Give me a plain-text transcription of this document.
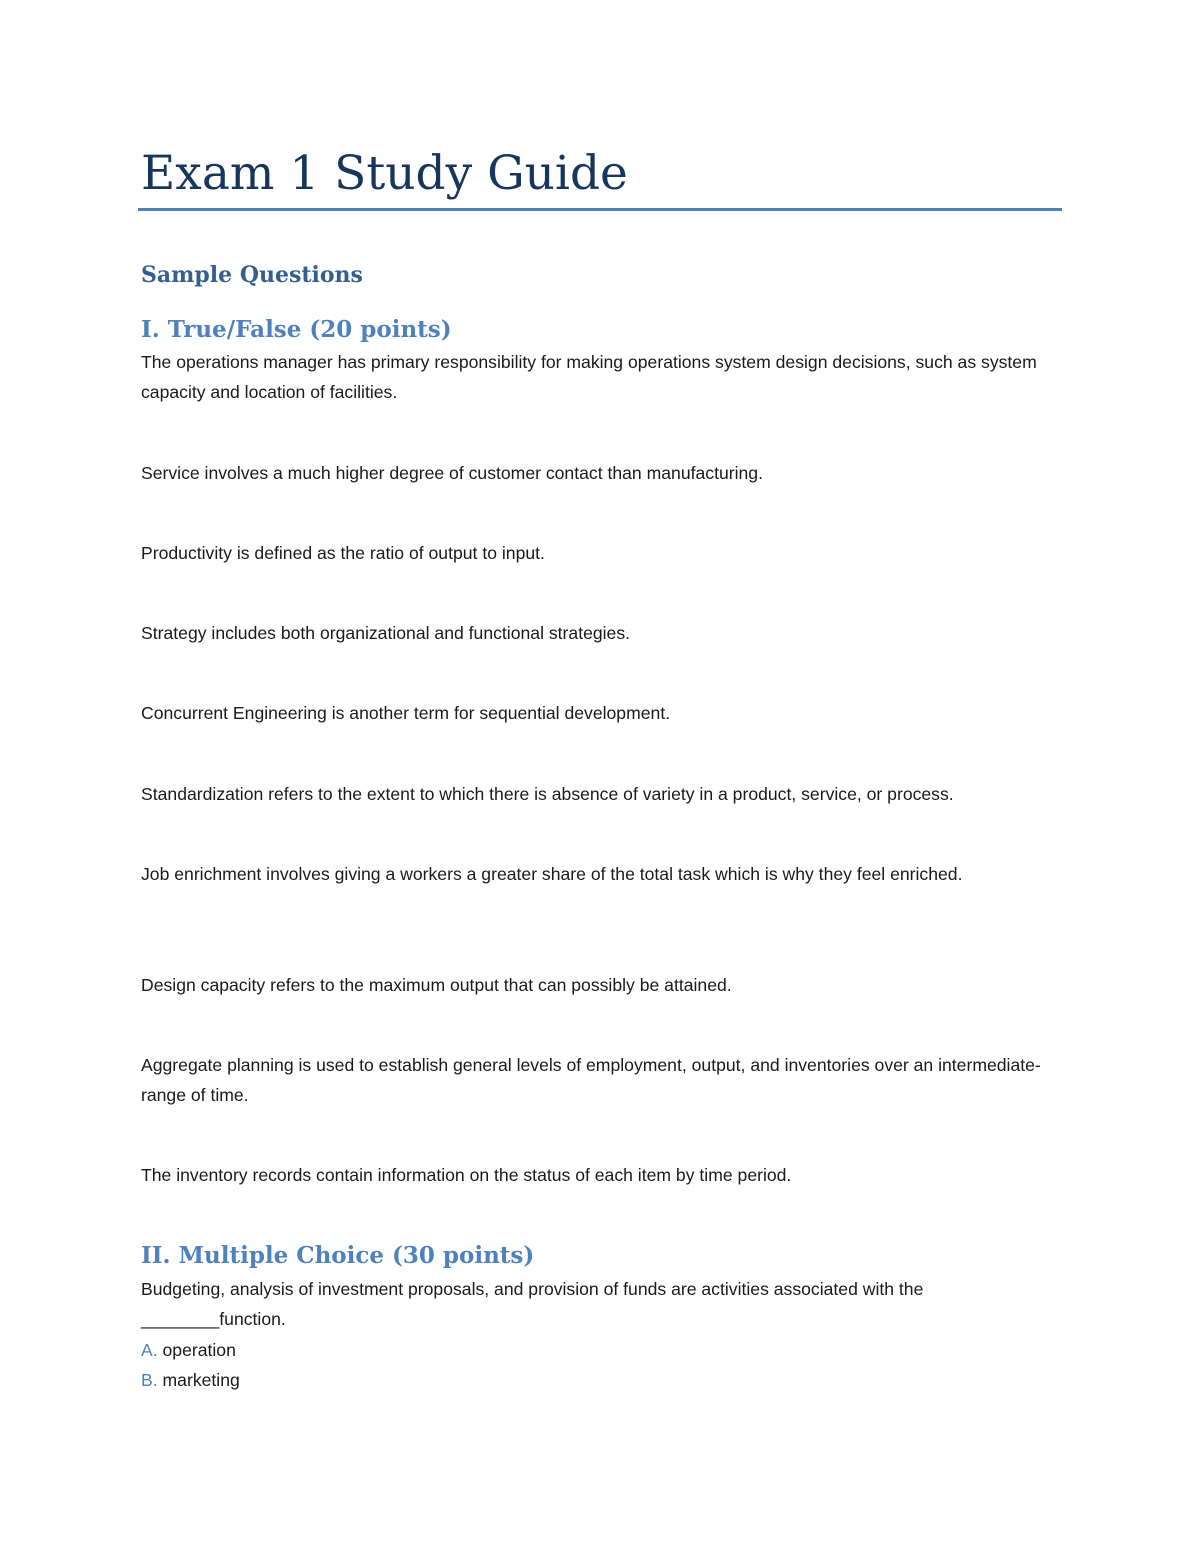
Exam 1 Study Guide
Sample Questions
I. True/False (20 points)

The operations manager has primary responsibility for making operations system design decisions, such as system capacity and location of facilities.

Service involves a much higher degree of customer contact than manufacturing.

Productivity is defined as the ratio of output to input.

Strategy includes both organizational and functional strategies.

Concurrent Engineering is another term for sequential development.

Standardization refers to the extent to which there is absence of variety in a product, service, or process.

Job enrichment involves giving a workers a greater share of the total task which is why they feel enriched.

Design capacity refers to the maximum output that can possibly be attained.

Aggregate planning is used to establish general levels of employment, output, and inventories over an intermediate-range of time.

The inventory records contain information on the status of each item by time period.

II. Multiple Choice (30 points)

Budgeting, analysis of investment proposals, and provision of funds are activities associated with the ________function.

A. operation

B. marketing
